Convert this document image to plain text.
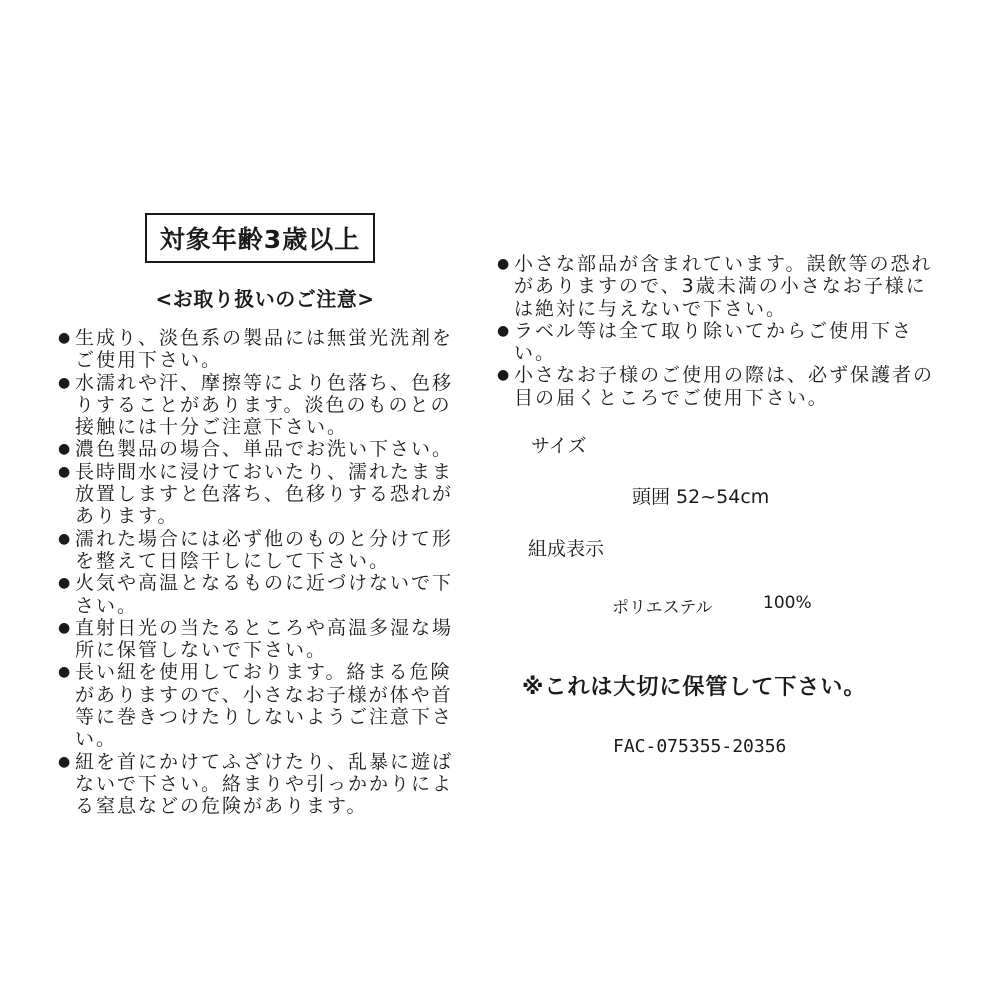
対象年齢3歳以上
<お取り扱いのご注意>
● 生成り、淡色系の製品には無蛍光洗剤をご使用下さい。
● 水濡れや汗、摩擦等により色落ち、色移りすることがあります。淡色のものとの接触には十分ご注意下さい。
● 濃色製品の場合、単品でお洗い下さい。
● 長時間水に浸けておいたり、濡れたまま放置しますと色落ち、色移りする恐れがあります。
● 濡れた場合には必ず他のものと分けて形を整えて日陰干しにして下さい。
● 火気や高温となるものに近づけないで下さい。
● 直射日光の当たるところや高温多湿な場所に保管しないで下さい。
● 長い紐を使用しております。絡まる危険がありますので、小さなお子様が体や首等に巻きつけたりしないようご注意下さい。
● 紐を首にかけてふざけたり、乱暴に遊ばないで下さい。絡まりや引っかかりによる窒息などの危険があります。
● 小さな部品が含まれています。誤飲等の恐れがありますので、3歳未満の小さなお子様には絶対に与えないで下さい。
● ラベル等は全て取り除いてからご使用下さい。
● 小さなお子様のご使用の際は、必ず保護者の目の届くところでご使用下さい。
サイズ
頭囲 52~54cm
組成表示
ポリエステル	100%
※これは大切に保管して下さい。
FAC-075355-20356
